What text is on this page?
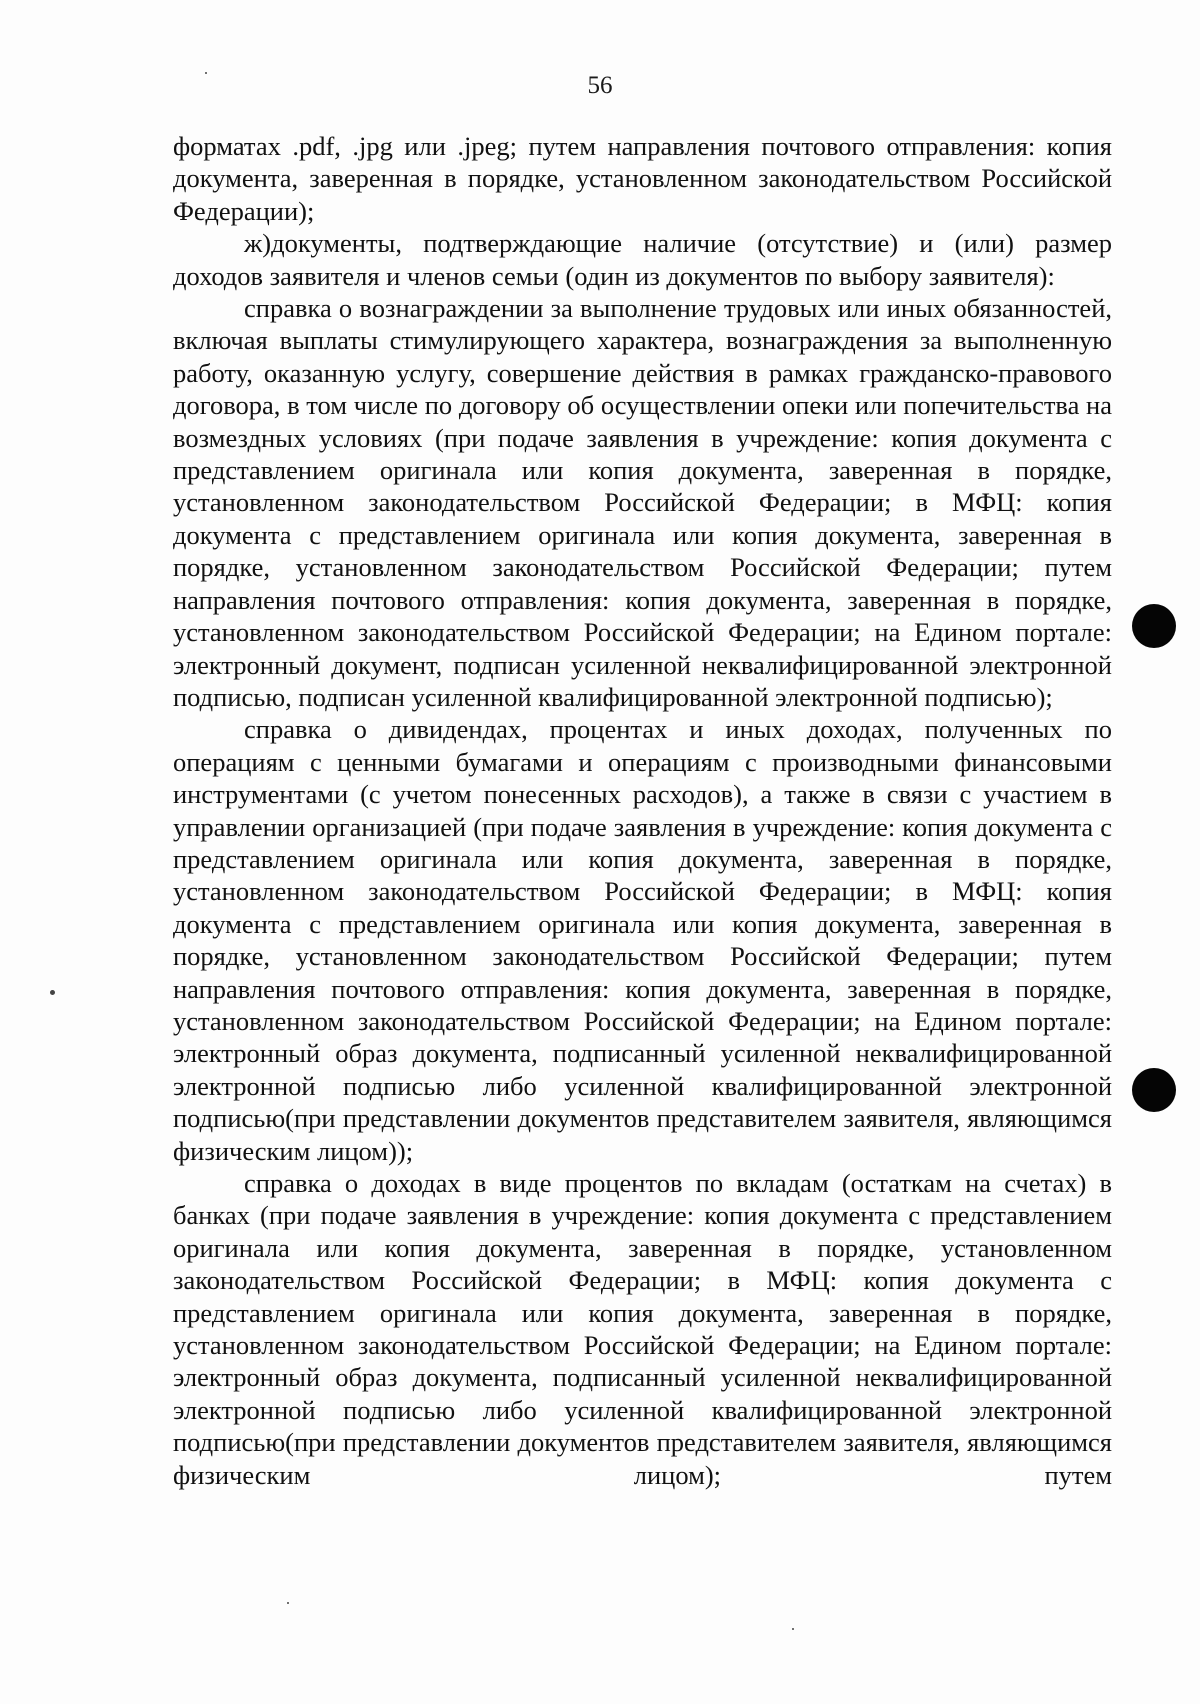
56

форматах .pdf, .jpg или .jpeg; путем направления почтового отправления: копия документа, заверенная в порядке, установленном законодательством Российской Федерации);

ж)документы, подтверждающие наличие (отсутствие) и (или) размер доходов заявителя и членов семьи (один из документов по выбору заявителя):

справка о вознаграждении за выполнение трудовых или иных обязанностей, включая выплаты стимулирующего характера, вознаграждения за выполненную работу, оказанную услугу, совершение действия в рамках гражданско-правового договора, в том числе по договору об осуществлении опеки или попечительства на возмездных условиях (при подаче заявления в учреждение: копия документа с представлением оригинала или копия документа, заверенная в порядке, установленном законодательством Российской Федерации; в МФЦ: копия документа с представлением оригинала или копия документа, заверенная в порядке, установленном законодательством Российской Федерации; путем направления почтового отправления: копия документа, заверенная в порядке, установленном законодательством Российской Федерации; на Едином портале: электронный документ, подписан усиленной неквалифицированной электронной подписью, подписан усиленной квалифицированной электронной подписью);

справка о дивидендах, процентах и иных доходах, полученных по операциям с ценными бумагами и операциям с производными финансовыми инструментами (с учетом понесенных расходов), а также в связи с участием в управлении организацией (при подаче заявления в учреждение: копия документа с представлением оригинала или копия документа, заверенная в порядке, установленном законодательством Российской Федерации; в МФЦ: копия документа с представлением оригинала или копия документа, заверенная в порядке, установленном законодательством Российской Федерации; путем направления почтового отправления: копия документа, заверенная в порядке, установленном законодательством Российской Федерации; на Едином портале: электронный образ документа, подписанный усиленной неквалифицированной электронной подписью либо усиленной квалифицированной электронной подписью(при представлении документов представителем заявителя, являющимся физическим лицом));

справка о доходах в виде процентов по вкладам (остаткам на счетах) в банках (при подаче заявления в учреждение: копия документа с представлением оригинала или копия документа, заверенная в порядке, установленном законодательством Российской Федерации; в МФЦ: копия документа с представлением оригинала или копия документа, заверенная в порядке, установленном законодательством Российской Федерации; на Едином портале: электронный образ документа, подписанный усиленной неквалифицированной электронной подписью либо усиленной квалифицированной электронной подписью(при представлении документов представителем заявителя, являющимся физическим лицом); путем
